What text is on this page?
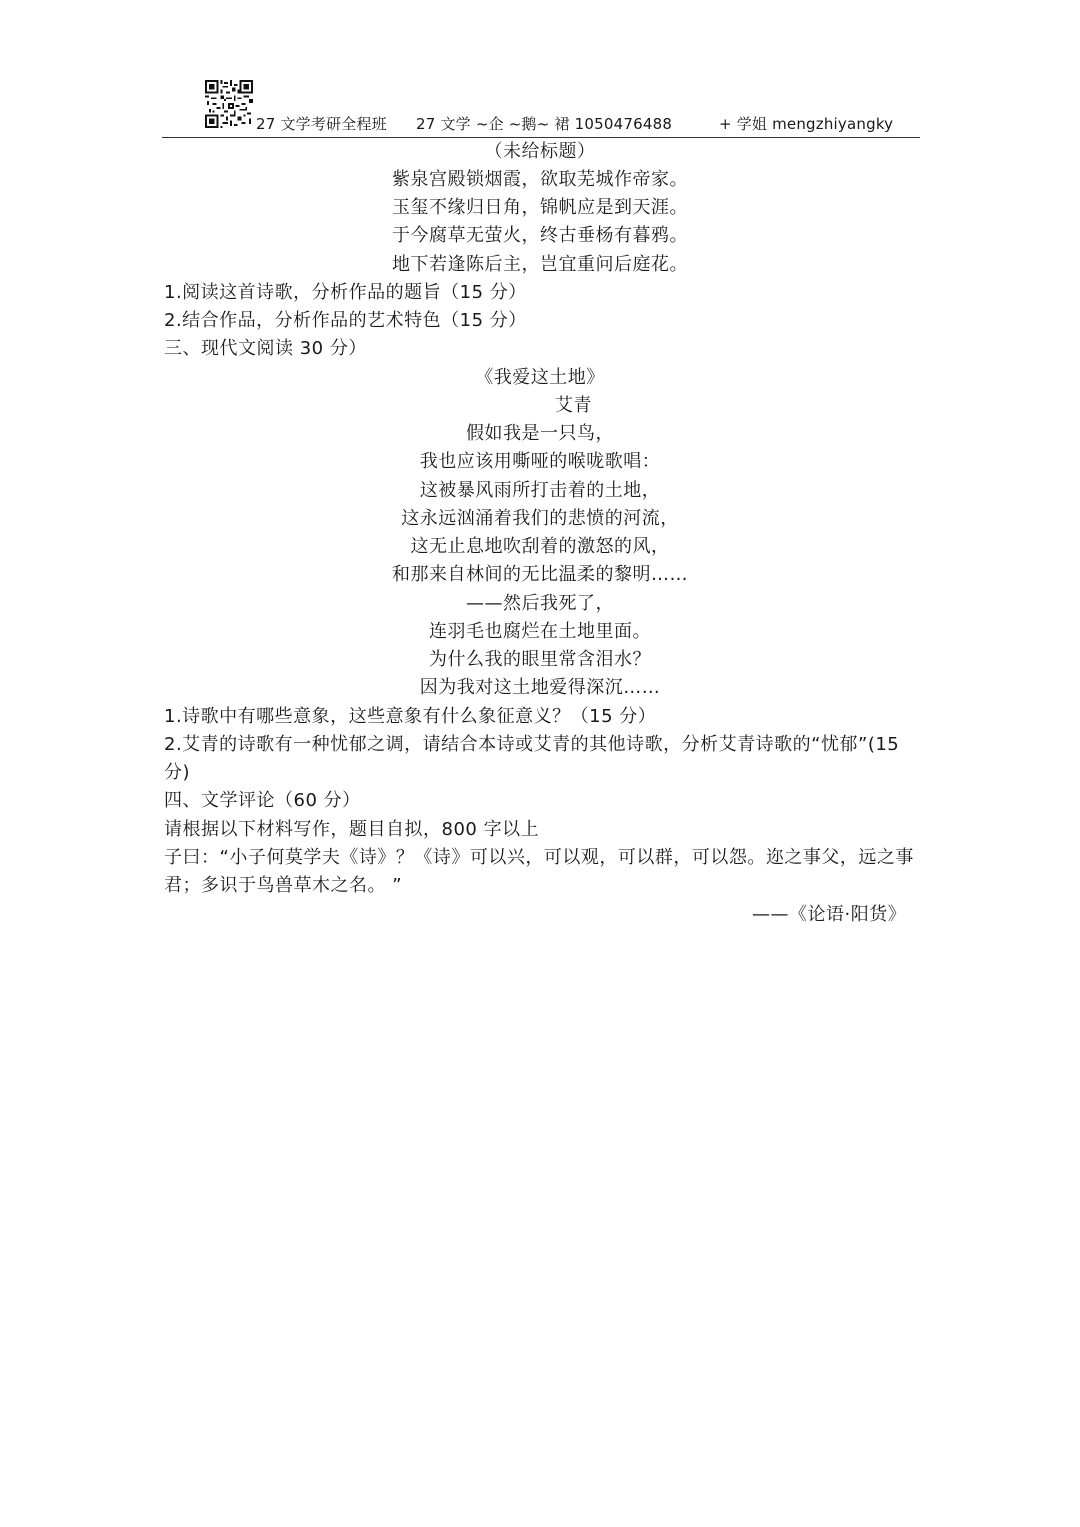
27 文学考研全程班 27 文学 ~企 ~鹅~ 裙 1050476488	+ 学姐 mengzhiyangky
（未给标题）
紫泉宫殿锁烟霞，欲取芜城作帝家。
玉玺不缘归日角，锦帆应是到天涯。
于今腐草无萤火，终古垂杨有暮鸦。
地下若逢陈后主，岂宜重问后庭花。
1.阅读这首诗歌，分析作品的题旨（15 分）
2.结合作品，分析作品的艺术特色（15 分）
三、现代文阅读 30 分）
《我爱这土地》
艾青
假如我是一只鸟，
我也应该用嘶哑的喉咙歌唱：
这被暴风雨所打击着的土地，
这永远汹涌着我们的悲愤的河流，
这无止息地吹刮着的激怒的风，
和那来自林间的无比温柔的黎明……
——然后我死了，
连羽毛也腐烂在土地里面。
为什么我的眼里常含泪水？
因为我对这土地爱得深沉……
1.诗歌中有哪些意象，这些意象有什么象征意义？（15 分）
2.艾青的诗歌有一种忧郁之调，请结合本诗或艾青的其他诗歌，分析艾青诗歌的“忧郁”(15
分)
四、文学评论（60 分）
请根据以下材料写作，题目自拟，800 字以上
子曰：“小子何莫学夫《诗》？《诗》可以兴，可以观，可以群，可以怨。迩之事父，远之事
君；多识于鸟兽草木之名。 ”
——《论语·阳货》
